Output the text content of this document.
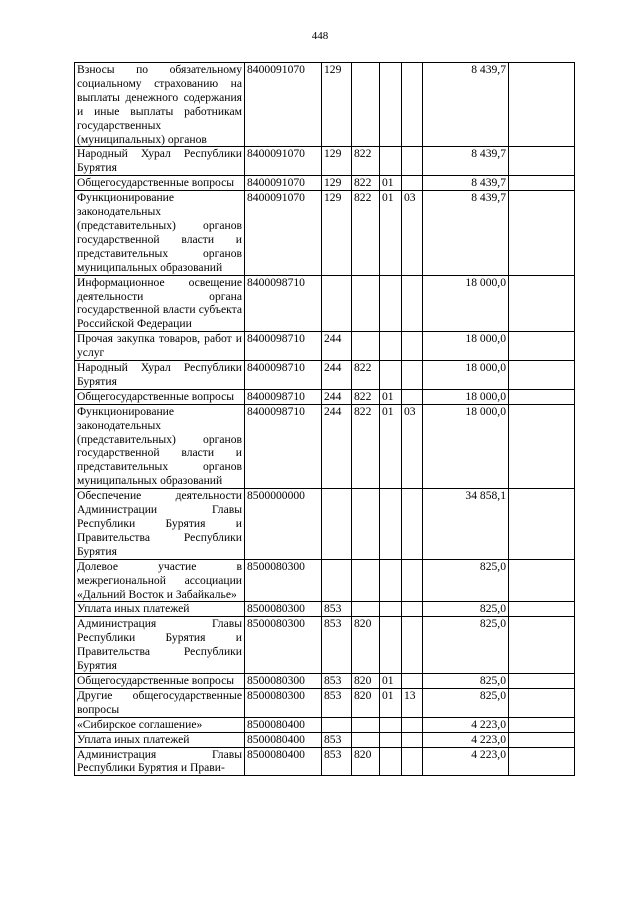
448
Взносы по обязательному социальному страхованию на выплаты денежного содержания и иные выплаты работникам государственных (муниципальных) органов	8400091070	129				8 439,7	
Народный Хурал Республики Бурятия	8400091070	129	822			8 439,7	
Общегосударственные вопросы	8400091070	129	822	01		8 439,7	
Функционирование законодательных (представительных) органов государственной власти и представительных органов муниципальных образований	8400091070	129	822	01	03	8 439,7	
Информационное освещение деятельности органа государственной власти субъекта Российской Федерации	8400098710					18 000,0	
Прочая закупка товаров, работ и услуг	8400098710	244				18 000,0	
Народный Хурал Республики Бурятия	8400098710	244	822			18 000,0	
Общегосударственные вопросы	8400098710	244	822	01		18 000,0	
Функционирование законодательных (представительных) органов государственной власти и представительных органов муниципальных образований	8400098710	244	822	01	03	18 000,0	
Обеспечение деятельности Администрации Главы Республики Бурятия и Правительства Республики Бурятия	8500000000					34 858,1	
Долевое участие в межрегиональной ассоциации «Дальний Восток и Забайкалье»	8500080300					825,0	
Уплата иных платежей	8500080300	853				825,0	
Администрация Главы Республики Бурятия и Правительства Республики Бурятия	8500080300	853	820			825,0	
Общегосударственные вопросы	8500080300	853	820	01		825,0	
Другие общегосударственные вопросы	8500080300	853	820	01	13	825,0	
«Сибирское соглашение»	8500080400					4 223,0	
Уплата иных платежей	8500080400	853				4 223,0	
Администрация Главы Республики Бурятия и Прави-	8500080400	853	820			4 223,0	
